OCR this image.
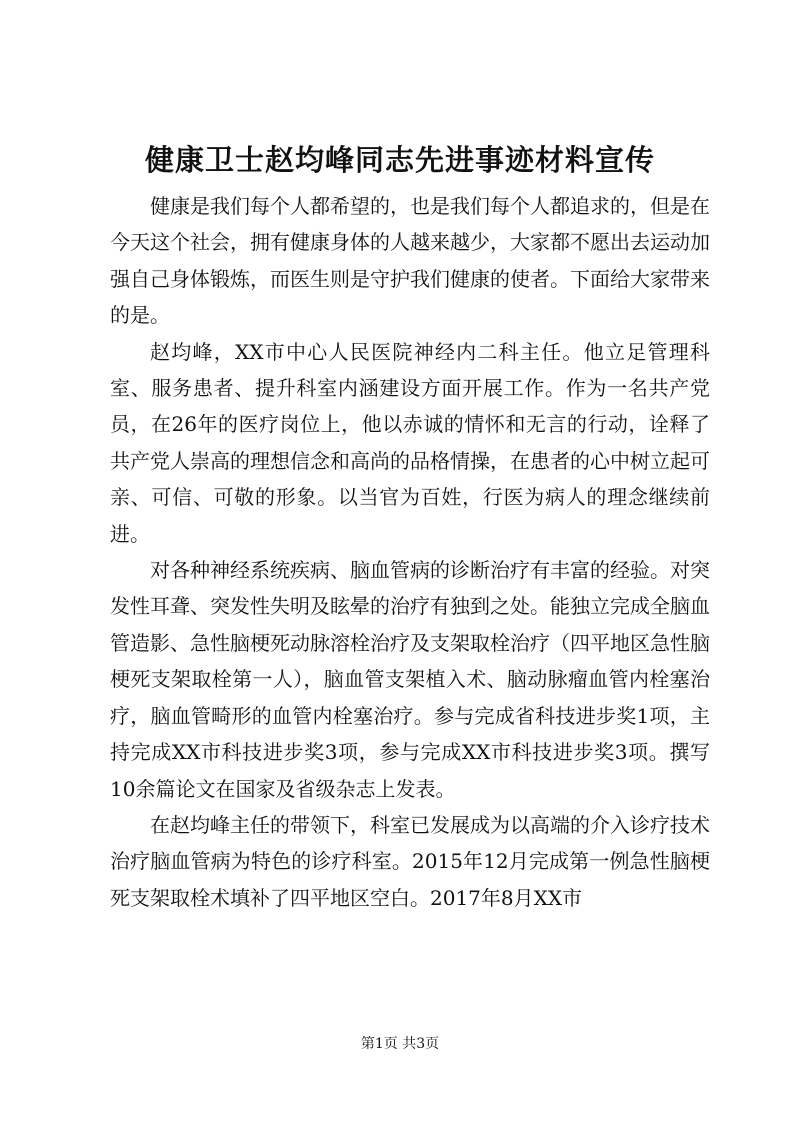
健康卫士赵均峰同志先进事迹材料宣传

健康是我们每个人都希望的，也是我们每个人都追求的，但是在今天这个社会，拥有健康身体的人越来越少，大家都不愿出去运动加强自己身体锻炼，而医生则是守护我们健康的使者。下面给大家带来的是。

赵均峰，XX市中心人民医院神经内二科主任。他立足管理科室、服务患者、提升科室内涵建设方面开展工作。作为一名共产党员，在26年的医疗岗位上，他以赤诚的情怀和无言的行动，诠释了共产党人崇高的理想信念和高尚的品格情操，在患者的心中树立起可亲、可信、可敬的形象。以当官为百姓，行医为病人的理念继续前进。

对各种神经系统疾病、脑血管病的诊断治疗有丰富的经验。对突发性耳聋、突发性失明及眩晕的治疗有独到之处。能独立完成全脑血管造影、急性脑梗死动脉溶栓治疗及支架取栓治疗（四平地区急性脑梗死支架取栓第一人），脑血管支架植入术、脑动脉瘤血管内栓塞治疗，脑血管畸形的血管内栓塞治疗。参与完成省科技进步奖1项，主持完成XX市科技进步奖3项，参与完成XX市科技进步奖3项。撰写10余篇论文在国家及省级杂志上发表。

在赵均峰主任的带领下，科室已发展成为以高端的介入诊疗技术治疗脑血管病为特色的诊疗科室。2015年12月完成第一例急性脑梗死支架取栓术填补了四平地区空白。2017年8月XX市

第1页 共3页
